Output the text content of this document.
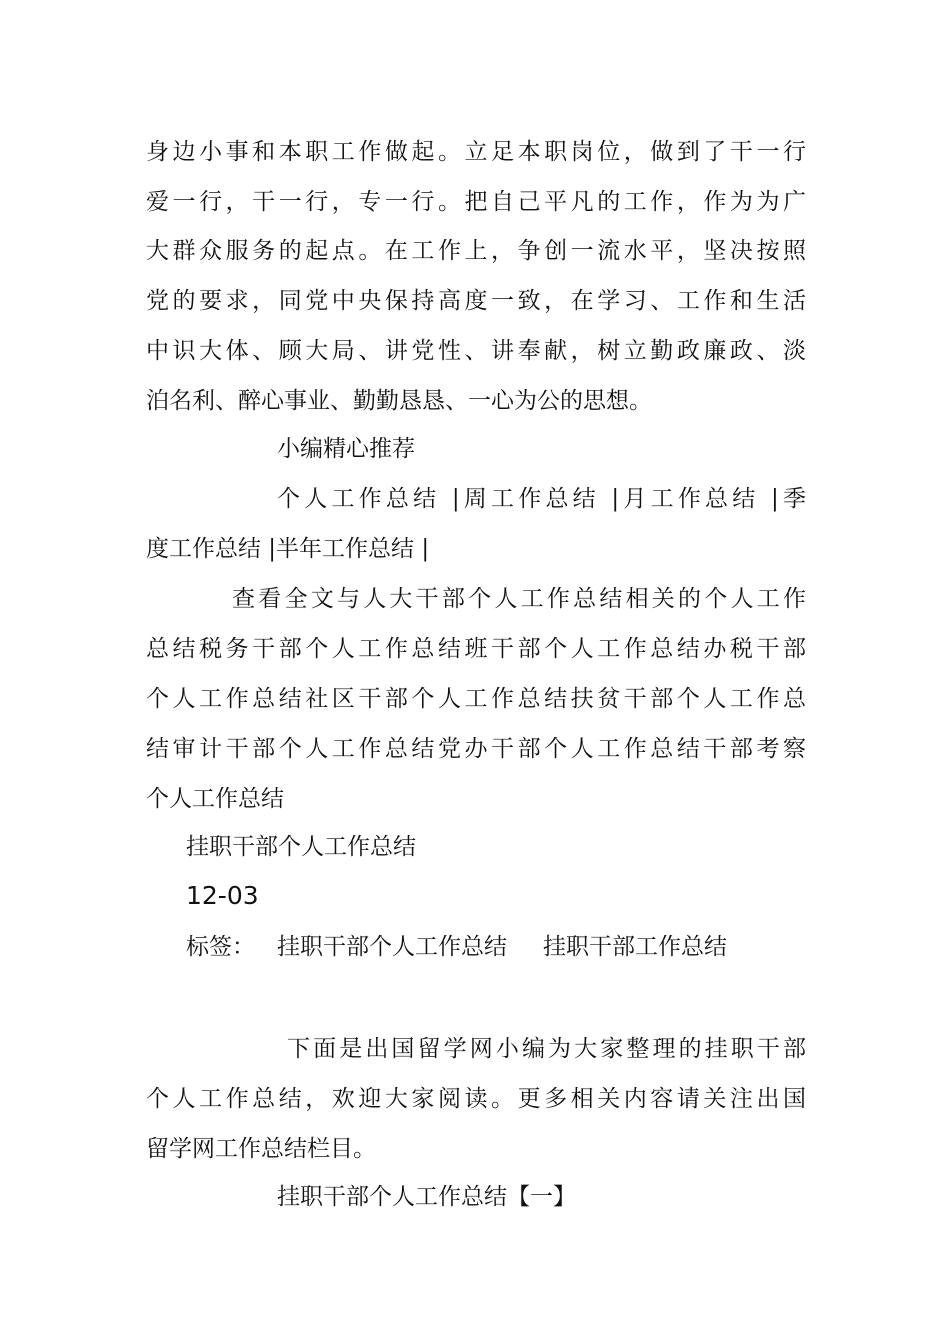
身边小事和本职工作做起。立足本职岗位，做到了干一行
爱一行，干一行，专一行。把自己平凡的工作，作为为广
大群众服务的起点。在工作上，争创一流水平，坚决按照
党的要求，同党中央保持高度一致，在学习、工作和生活
中识大体、顾大局、讲党性、讲奉献，树立勤政廉政、淡
泊名利、醉心事业、勤勤恳恳、一心为公的思想。
小编精心推荐
个人工作总结 |周工作总结 |月工作总结 |季
度工作总结 |半年工作总结 |
查看全文与人大干部个人工作总结相关的个人工作
总结税务干部个人工作总结班干部个人工作总结办税干部
个人工作总结社区干部个人工作总结扶贫干部个人工作总
结审计干部个人工作总结党办干部个人工作总结干部考察
个人工作总结
挂职干部个人工作总结
12-03
标签： 挂职干部个人工作总结 挂职干部工作总结
下面是出国留学网小编为大家整理的挂职干部
个人工作总结，欢迎大家阅读。更多相关内容请关注出国
留学网工作总结栏目。
挂职干部个人工作总结【一】
